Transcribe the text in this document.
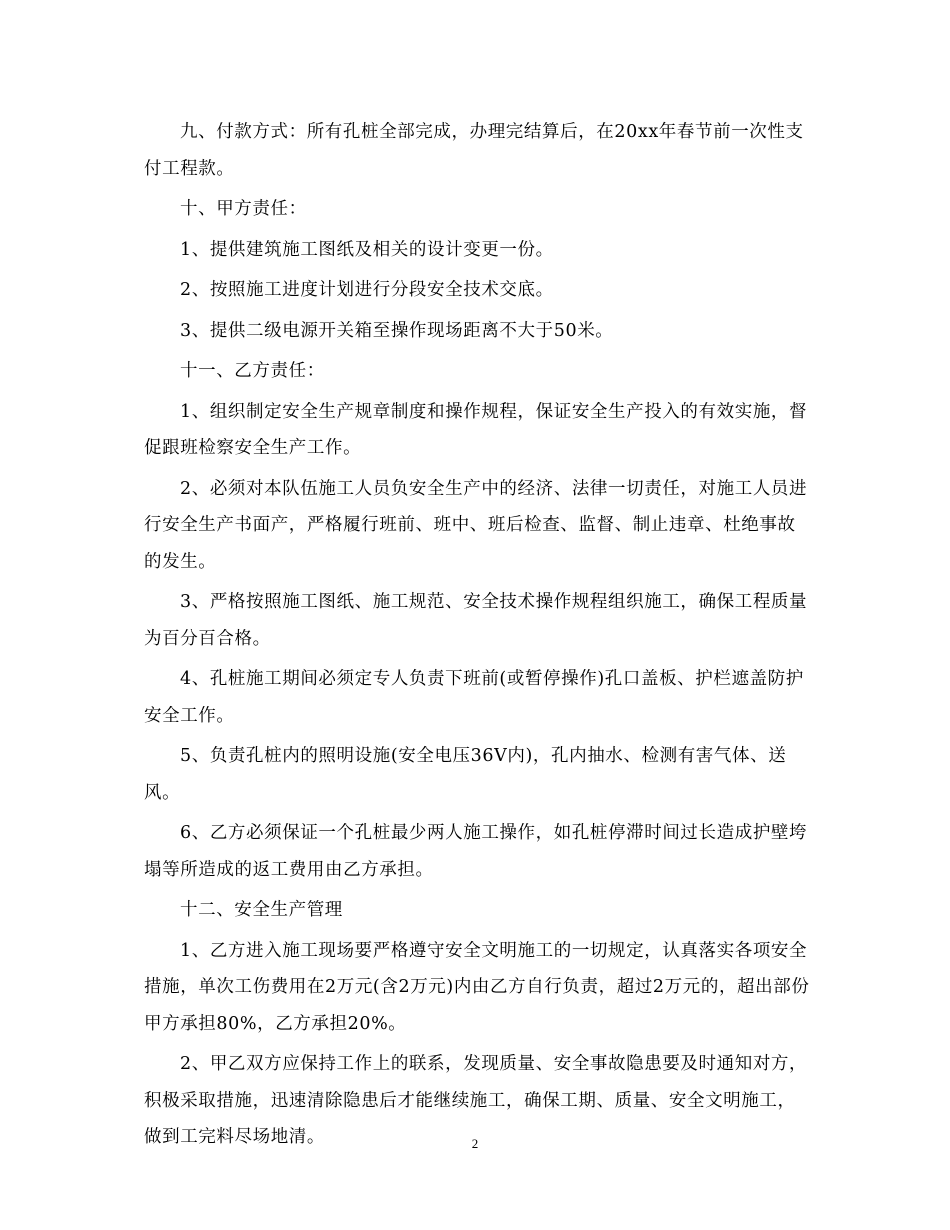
九、付款方式：所有孔桩全部完成，办理完结算后，在20xx年春节前一次性支付工程款。

十、甲方责任：

1、提供建筑施工图纸及相关的设计变更一份。

2、按照施工进度计划进行分段安全技术交底。

3、提供二级电源开关箱至操作现场距离不大于50米。

十一、乙方责任：

1、组织制定安全生产规章制度和操作规程，保证安全生产投入的有效实施，督促跟班检察安全生产工作。

2、必须对本队伍施工人员负安全生产中的经济、法律一切责任，对施工人员进行安全生产书面产，严格履行班前、班中、班后检查、监督、制止违章、杜绝事故的发生。

3、严格按照施工图纸、施工规范、安全技术操作规程组织施工，确保工程质量为百分百合格。

4、孔桩施工期间必须定专人负责下班前(或暂停操作)孔口盖板、护栏遮盖防护安全工作。

5、负责孔桩内的照明设施(安全电压36V内)，孔内抽水、检测有害气体、送风。

6、乙方必须保证一个孔桩最少两人施工操作，如孔桩停滞时间过长造成护壁垮塌等所造成的返工费用由乙方承担。

十二、安全生产管理

1、乙方进入施工现场要严格遵守安全文明施工的一切规定，认真落实各项安全措施，单次工伤费用在2万元(含2万元)内由乙方自行负责，超过2万元的，超出部份甲方承担80%，乙方承担20%。

2、甲乙双方应保持工作上的联系，发现质量、安全事故隐患要及时通知对方，积极采取措施，迅速清除隐患后才能继续施工，确保工期、质量、安全文明施工，做到工完料尽场地清。	2
